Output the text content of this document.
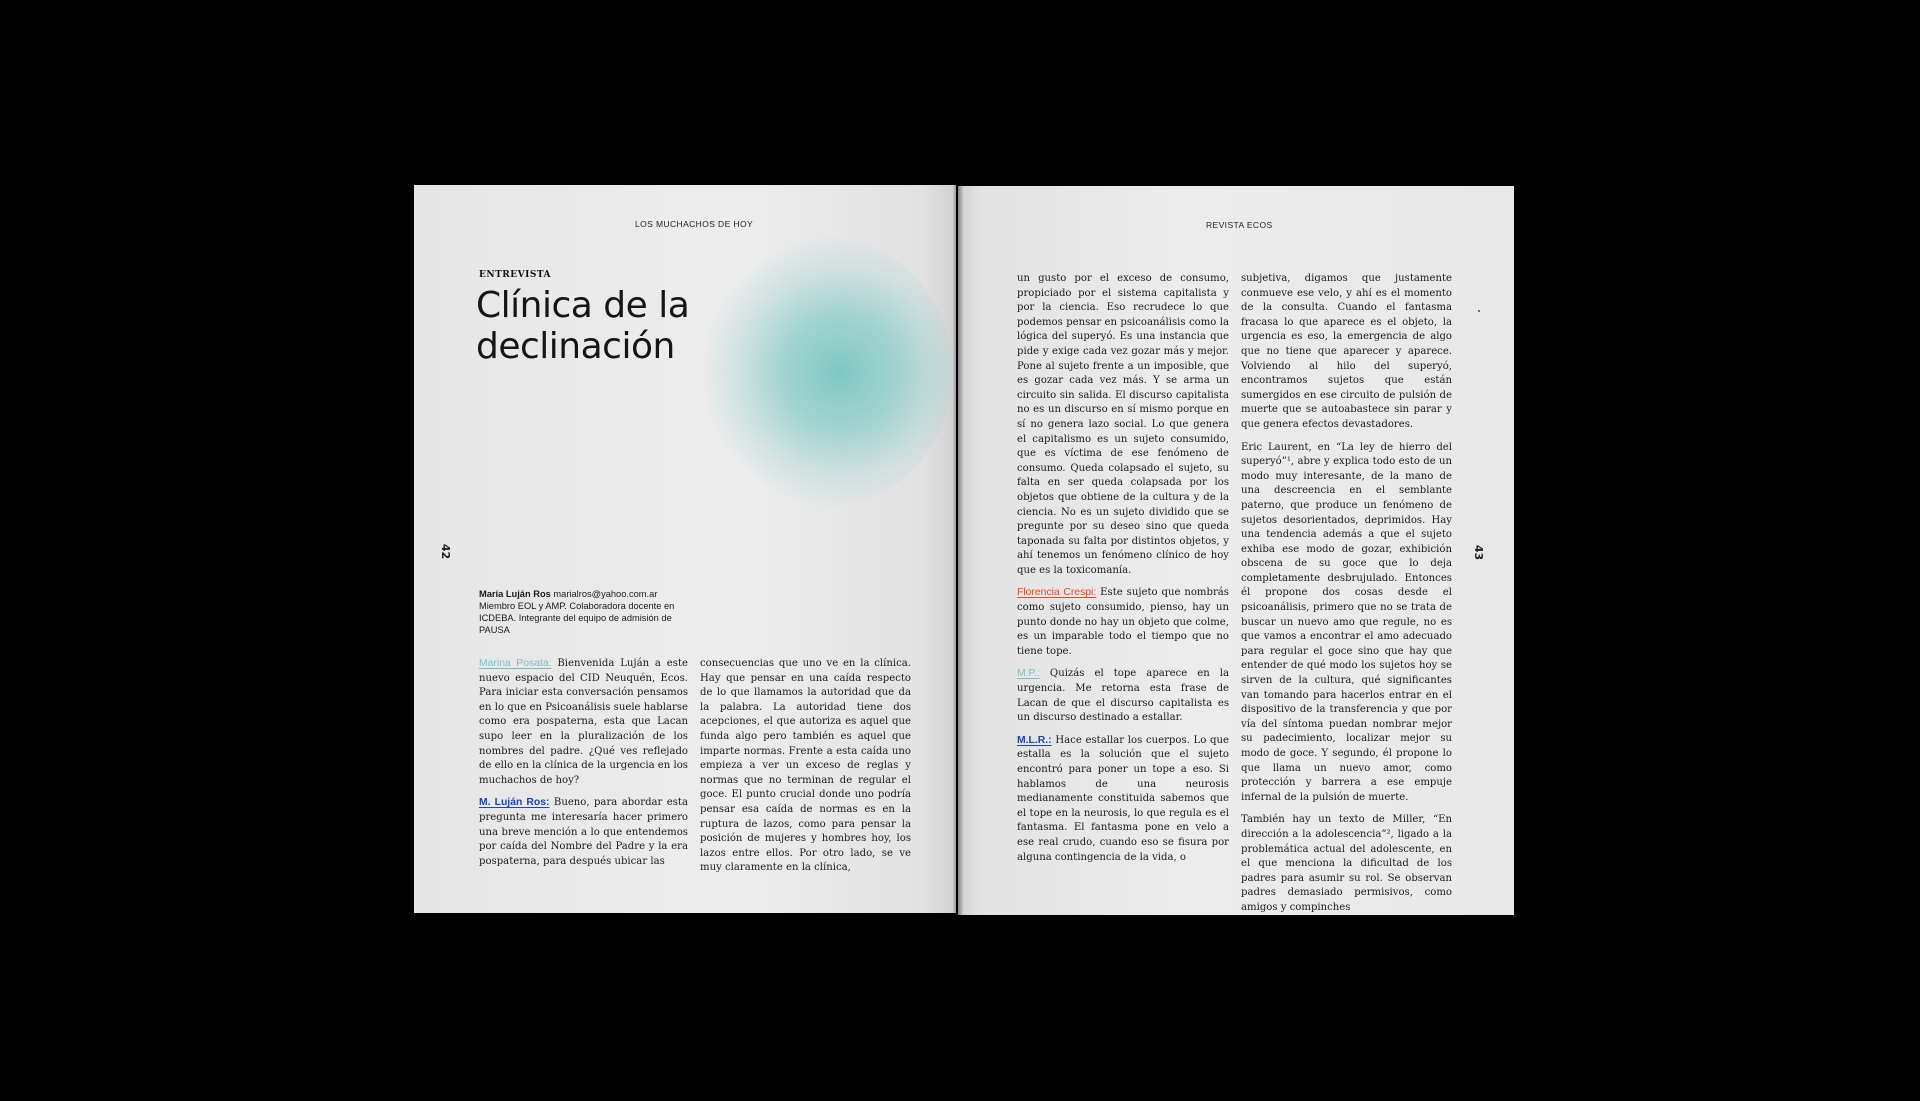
LOS MUCHACHOS DE HOY
ENTREVISTA
Clínica de la
declinación
42
María Luján Ros marialros@yahoo.com.ar
Miembro EOL y AMP. Colaboradora docente en ICDEBA. Integrante del equipo de admisión de PAUSA

Marina Posata: Bienvenida Luján a este nuevo espacio del CID Neuquén, Ecos. Para iniciar esta conversación pensamos en lo que en Psicoanálisis suele hablarse como era pospaterna, esta que Lacan supo leer en la pluralización de los nombres del padre. ¿Qué ves reflejado de ello en la clínica de la urgencia en los muchachos de hoy?

M. Luján Ros: Bueno, para abordar esta pregunta me interesaría hacer primero una breve mención a lo que entendemos por caída del Nombre del Padre y la era pospaterna, para después ubicar las

consecuencias que uno ve en la clínica. Hay que pensar en una caída respecto de lo que llamamos la autoridad que da la palabra. La autoridad tiene dos acepciones, el que autoriza es aquel que funda algo pero también es aquel que imparte normas. Frente a esta caída uno empieza a ver un exceso de reglas y normas que no terminan de regular el goce. El punto crucial donde uno podría pensar esa caída de normas es en la ruptura de lazos, como para pensar la posición de mujeres y hombres hoy, los lazos entre ellos. Por otro lado, se ve muy claramente en la clínica,

REVISTA ECOS
43

un gusto por el exceso de consumo, propiciado por el sistema capitalista y por la ciencia. Eso recrudece lo que podemos pensar en psicoanálisis como la lógica del superyó. Es una instancia que pide y exige cada vez gozar más y mejor. Pone al sujeto frente a un imposible, que es gozar cada vez más. Y se arma un circuito sin salida. El discurso capitalista no es un discurso en sí mismo porque en sí no genera lazo social. Lo que genera el capitalismo es un sujeto consumido, que es víctima de ese fenómeno de consumo. Queda colapsado el sujeto, su falta en ser queda colapsada por los objetos que obtiene de la cultura y de la ciencia. No es un sujeto dividido que se pregunte por su deseo sino que queda taponada su falta por distintos objetos, y ahí tenemos un fenómeno clínico de hoy que es la toxicomanía.

Florencia Crespi: Este sujeto que nombrás como sujeto consumido, pienso, hay un punto donde no hay un objeto que colme, es un imparable todo el tiempo que no tiene tope.

M.P.: Quizás el tope aparece en la urgencia. Me retorna esta frase de Lacan de que el discurso capitalista es un discurso destinado a estallar.

M.L.R.: Hace estallar los cuerpos. Lo que estalla es la solución que el sujeto encontró para poner un tope a eso. Si hablamos de una neurosis medianamente constituida sabemos que el tope en la neurosis, lo que regula es el fantasma. El fantasma pone en velo a ese real crudo, cuando eso se fisura por alguna contingencia de la vida, o

subjetiva, digamos que justamente conmueve ese velo, y ahí es el momento de la consulta. Cuando el fantasma fracasa lo que aparece es el objeto, la urgencia es eso, la emergencia de algo que no tiene que aparecer y aparece. Volviendo al hilo del superyó, encontramos sujetos que están sumergidos en ese circuito de pulsión de muerte que se autoabastece sin parar y que genera efectos devastadores.

Eric Laurent, en “La ley de hierro del superyó”¹, abre y explica todo esto de un modo muy interesante, de la mano de una descreencia en el semblante paterno, que produce un fenómeno de sujetos desorientados, deprimidos. Hay una tendencia además a que el sujeto exhiba ese modo de gozar, exhibición obscena de su goce que lo deja completamente desbrujulado. Entonces él propone dos cosas desde el psicoanálisis, primero que no se trata de buscar un nuevo amo que regule, no es que vamos a encontrar el amo adecuado para regular el goce sino que hay que entender de qué modo los sujetos hoy se sirven de la cultura, qué significantes van tomando para hacerlos entrar en el dispositivo de la transferencia y que por vía del síntoma puedan nombrar mejor su padecimiento, localizar mejor su modo de goce. Y segundo, él propone lo que llama un nuevo amor, como protección y barrera a ese empuje infernal de la pulsión de muerte.

También hay un texto de Miller, “En dirección a la adolescencia”², ligado a la problemática actual del adolescente, en el que menciona la dificultad de los padres para asumir su rol. Se observan padres demasiado permisivos, como amigos y compinches
